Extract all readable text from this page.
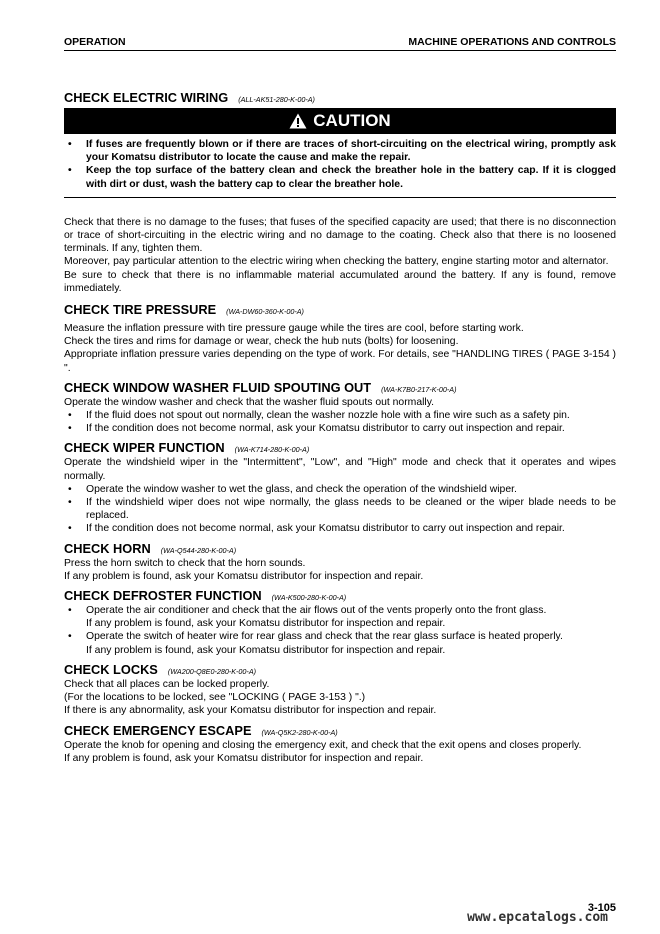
OPERATION	MACHINE OPERATIONS AND CONTROLS
CHECK ELECTRIC WIRING (ALL-AK51-280-K-00-A)
CAUTION
• If fuses are frequently blown or if there are traces of short-circuiting on the electrical wiring, promptly ask your Komatsu distributor to locate the cause and make the repair.
• Keep the top surface of the battery clean and check the breather hole in the battery cap. If it is clogged with dirt or dust, wash the battery cap to clear the breather hole.

Check that there is no damage to the fuses; that fuses of the specified capacity are used; that there is no disconnection or trace of short-circuiting in the electric wiring and no damage to the coating. Check also that there is no loosened terminals. If any, tighten them.

Moreover, pay particular attention to the electric wiring when checking the battery, engine starting motor and alternator.

Be sure to check that there is no inflammable material accumulated around the battery. If any is found, remove immediately.

CHECK TIRE PRESSURE (WA-DW60-360-K-00-A)

Measure the inflation pressure with tire pressure gauge while the tires are cool, before starting work.

Check the tires and rims for damage or wear, check the hub nuts (bolts) for loosening.

Appropriate inflation pressure varies depending on the type of work. For details, see "HANDLING TIRES ( PAGE 3-154 ) ".

CHECK WINDOW WASHER FLUID SPOUTING OUT (WA-K7B0-217-K-00-A)

Operate the window washer and check that the washer fluid spouts out normally.

• If the fluid does not spout out normally, clean the washer nozzle hole with a fine wire such as a safety pin.
• If the condition does not become normal, ask your Komatsu distributor to carry out inspection and repair.
CHECK WIPER FUNCTION (WA-K714-280-K-00-A)

Operate the windshield wiper in the "Intermittent", "Low", and "High" mode and check that it operates and wipes normally.

• Operate the window washer to wet the glass, and check the operation of the windshield wiper.
• If the windshield wiper does not wipe normally, the glass needs to be cleaned or the wiper blade needs to be replaced.
• If the condition does not become normal, ask your Komatsu distributor to carry out inspection and repair.
CHECK HORN (WA-Q544-280-K-00-A)

Press the horn switch to check that the horn sounds.

If any problem is found, ask your Komatsu distributor for inspection and repair.

CHECK DEFROSTER FUNCTION (WA-K500-280-K-00-A)
• Operate the air conditioner and check that the air flows out of the vents properly onto the front glass.
If any problem is found, ask your Komatsu distributor for inspection and repair.
• Operate the switch of heater wire for rear glass and check that the rear glass surface is heated properly.
If any problem is found, ask your Komatsu distributor for inspection and repair.
CHECK LOCKS (WA200-Q8E0-280-K-00-A)

Check that all places can be locked properly.

(For the locations to be locked, see "LOCKING ( PAGE 3-153 ) ".)

If there is any abnormality, ask your Komatsu distributor for inspection and repair.

CHECK EMERGENCY ESCAPE (WA-Q5K2-280-K-00-A)

Operate the knob for opening and closing the emergency exit, and check that the exit opens and closes properly.

If any problem is found, ask your Komatsu distributor for inspection and repair.

3-105
www.epcatalogs.com
